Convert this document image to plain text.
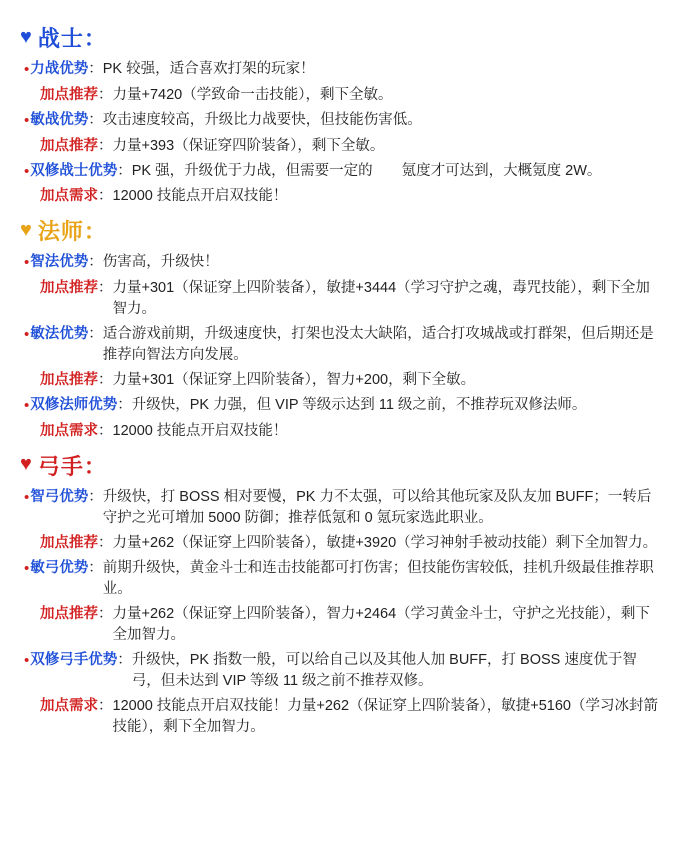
♥ 战士：
• 力战优势 ： PK 较强，适合喜欢打架的玩家！
加点推荐 ： 力量+7420（学致命一击技能），剩下全敏。
• 敏战优势 ： 攻击速度较高，升级比力战要快，但技能伤害低。
加点推荐 ： 力量+393（保证穿四阶装备），剩下全敏。
• 双修战士优势 ： PK 强，升级优于力战，但需要一定的　　氪度才可达到，大概氪度 2W。
加点需求 ： 12000 技能点开启双技能！
♥ 法师：
• 智法优势 ： 伤害高，升级快！
加点推荐 ： 力量+301（保证穿上四阶装备），敏捷+3444（学习守护之魂，毒咒技能），剩下全加智力。
• 敏法优势 ： 适合游戏前期，升级速度快，打架也没太大缺陷，适合打攻城战或打群架，但后期还是推荐向智法方向发展。
加点推荐 ： 力量+301（保证穿上四阶装备），智力+200，剩下全敏。
• 双修法师优势 ： 升级快，PK 力强，但 VIP 等级示达到 11 级之前，不推荐玩双修法师。
加点需求 ： 12000 技能点开启双技能！
♥ 弓手：
• 智弓优势 ： 升级快，打 BOSS 相对要慢，PK 力不太强，可以给其他玩家及队友加 BUFF；一转后守护之光可增加 5000 防御；推荐低氪和 0 氪玩家选此职业。
加点推荐 ： 力量+262（保证穿上四阶装备），敏捷+3920（学习神射手被动技能）剩下全加智力。
• 敏弓优势 ： 前期升级快，黄金斗士和连击技能都可打伤害；但技能伤害较低，挂机升级最佳推荐职业。
加点推荐 ： 力量+262（保证穿上四阶装备），智力+2464（学习黄金斗士，守护之光技能），剩下全加智力。
• 双修弓手优势 ： 升级快，PK 指数一般，可以给自己以及其他人加 BUFF，打 BOSS 速度优于智弓，但未达到 VIP 等级 11 级之前不推荐双修。
加点需求 ： 12000 技能点开启双技能！力量+262（保证穿上四阶装备），敏捷+5160（学习冰封箭技能），剩下全加智力。
